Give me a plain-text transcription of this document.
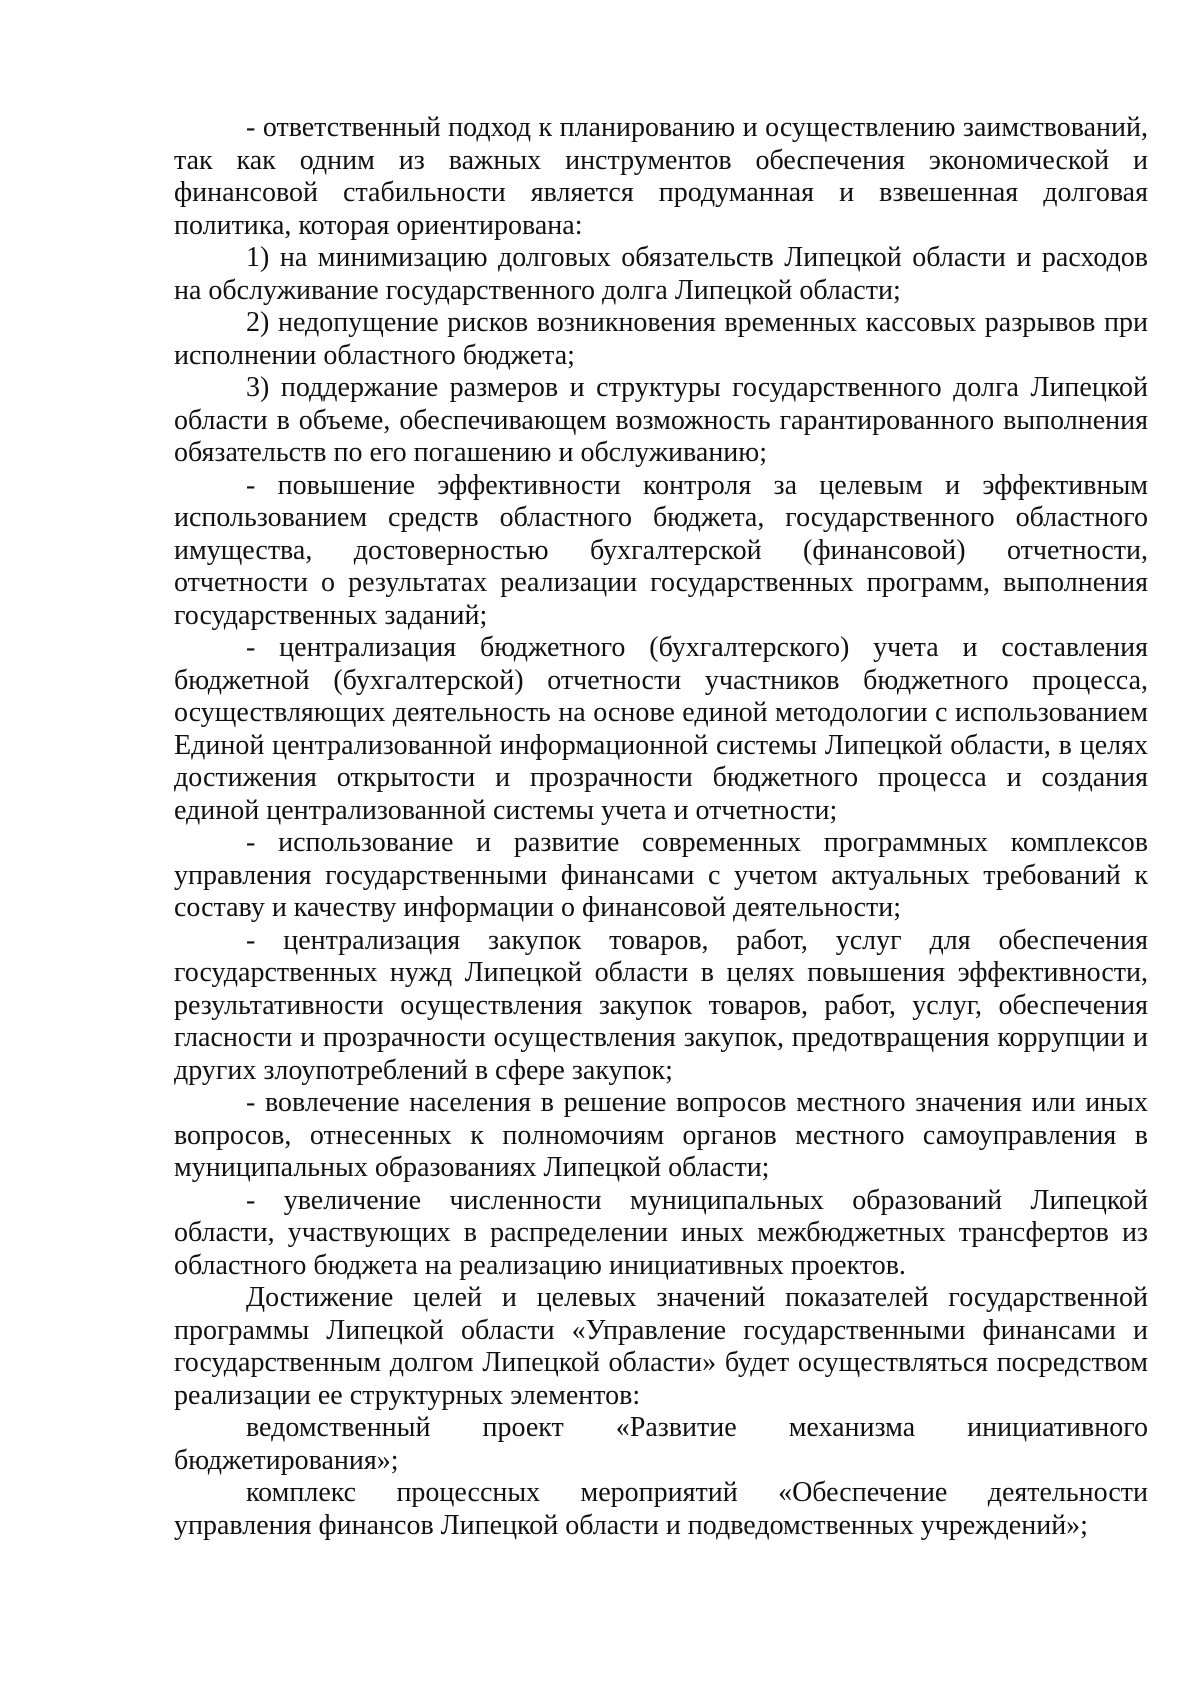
- ответственный подход к планированию и осуществлению заимствований, так как одним из важных инструментов обеспечения экономической и финансовой стабильности является продуманная и взвешенная долговая политика, которая ориентирована:

1) на минимизацию долговых обязательств Липецкой области и расходов на обслуживание государственного долга Липецкой области;

2) недопущение рисков возникновения временных кассовых разрывов при исполнении областного бюджета;

3) поддержание размеров и структуры государственного долга Липецкой области в объеме, обеспечивающем возможность гарантированного выполнения обязательств по его погашению и обслуживанию;

- повышение эффективности контроля за целевым и эффективным использованием средств областного бюджета, государственного областного имущества, достоверностью бухгалтерской (финансовой) отчетности, отчетности о результатах реализации государственных программ, выполнения государственных заданий;

- централизация бюджетного (бухгалтерского) учета и составления бюджетной (бухгалтерской) отчетности участников бюджетного процесса, осуществляющих деятельность на основе единой методологии с использованием Единой централизованной информационной системы Липецкой области, в целях достижения открытости и прозрачности бюджетного процесса и создания единой централизованной системы учета и отчетности;

- использование и развитие современных программных комплексов управления государственными финансами с учетом актуальных требований к составу и качеству информации о финансовой деятельности;

- централизация закупок товаров, работ, услуг для обеспечения государственных нужд Липецкой области в целях повышения эффективности, результативности осуществления закупок товаров, работ, услуг, обеспечения гласности и прозрачности осуществления закупок, предотвращения коррупции и других злоупотреблений в сфере закупок;

- вовлечение населения в решение вопросов местного значения или иных вопросов, отнесенных к полномочиям органов местного самоуправления в муниципальных образованиях Липецкой области;

- увеличение численности муниципальных образований Липецкой области, участвующих в распределении иных межбюджетных трансфертов из областного бюджета на реализацию инициативных проектов.

Достижение целей и целевых значений показателей государственной программы Липецкой области «Управление государственными финансами и государственным долгом Липецкой области» будет осуществляться посредством реализации ее структурных элементов:

ведомственный проект «Развитие механизма инициативного бюджетирования»;

комплекс процессных мероприятий «Обеспечение деятельности управления финансов Липецкой области и подведомственных учреждений»;
